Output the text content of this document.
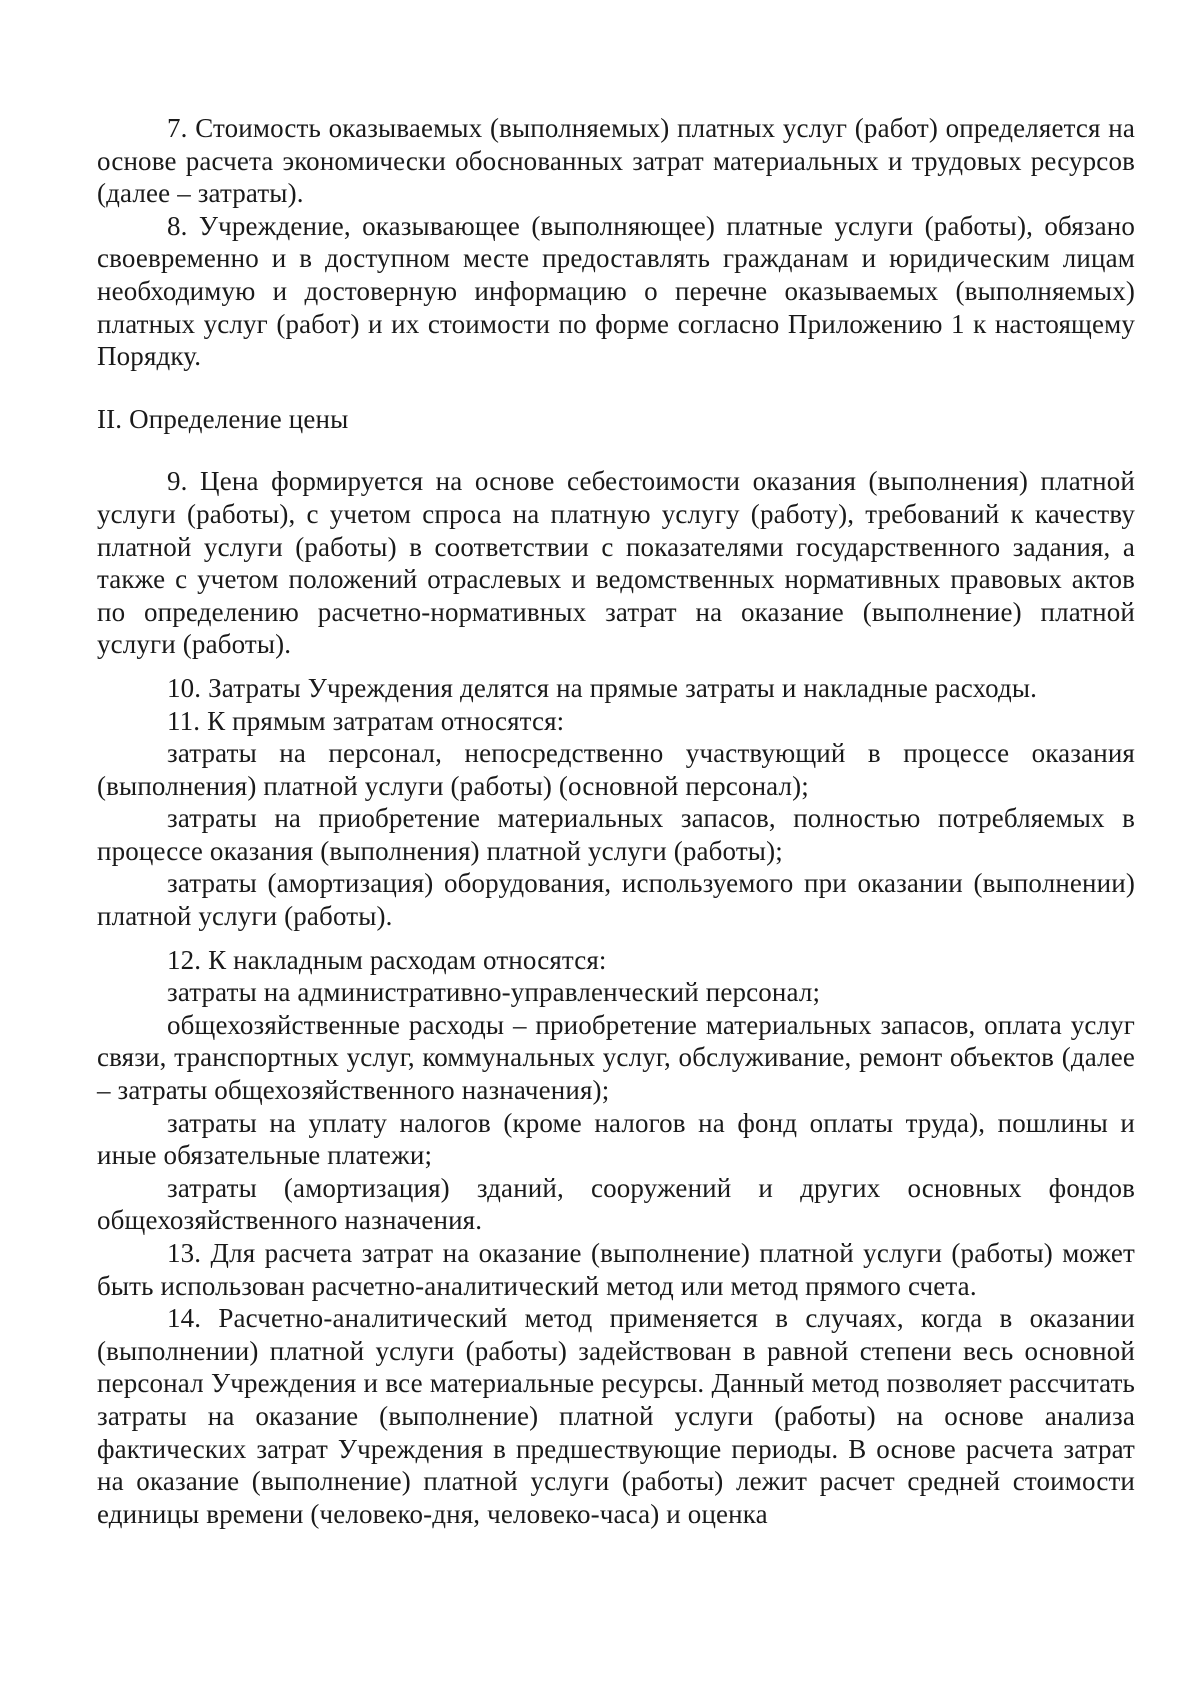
7. Стоимость оказываемых (выполняемых) платных услуг (работ) определяется на основе расчета экономически обоснованных затрат материальных и трудовых ресурсов (далее – затраты).

8. Учреждение, оказывающее (выполняющее) платные услуги (работы), обязано своевременно и в доступном месте предоставлять гражданам и юридическим лицам необходимую и достоверную информацию о перечне оказываемых (выполняемых) платных услуг (работ) и их стоимости по форме согласно Приложению 1 к настоящему Порядку.

II. Определение цены

9. Цена формируется на основе себестоимости оказания (выполнения) платной услуги (работы), с учетом спроса на платную услугу (работу), требований к качеству платной услуги (работы) в соответствии с показателями государственного задания, а также с учетом положений отраслевых и ведомственных нормативных правовых актов по определению расчетно-нормативных затрат на оказание (выполнение) платной услуги (работы).

10. Затраты Учреждения делятся на прямые затраты и накладные расходы.

11. К прямым затратам относятся:

затраты на персонал, непосредственно участвующий в процессе оказания (выполнения) платной услуги (работы) (основной персонал);

затраты на приобретение материальных запасов, полностью потребляемых в процессе оказания (выполнения) платной услуги (работы);

затраты (амортизация) оборудования, используемого при оказании (выполнении) платной услуги (работы).

12. К накладным расходам относятся:

затраты на административно-управленческий персонал;

общехозяйственные расходы – приобретение материальных запасов, оплата услуг связи, транспортных услуг, коммунальных услуг, обслуживание, ремонт объектов (далее – затраты общехозяйственного назначения);

затраты на уплату налогов (кроме налогов на фонд оплаты труда), пошлины и иные обязательные платежи;

затраты (амортизация) зданий, сооружений и других основных фондов общехозяйственного назначения.

13. Для расчета затрат на оказание (выполнение) платной услуги (работы) может быть использован расчетно-аналитический метод или метод прямого счета.

14. Расчетно-аналитический метод применяется в случаях, когда в оказании (выполнении) платной услуги (работы) задействован в равной степени весь основной персонал Учреждения и все материальные ресурсы. Данный метод позволяет рассчитать затраты на оказание (выполнение) платной услуги (работы) на основе анализа фактических затрат Учреждения в предшествующие периоды. В основе расчета затрат на оказание (выполнение) платной услуги (работы) лежит расчет средней стоимости единицы времени (человеко-дня, человеко-часа) и оценка
